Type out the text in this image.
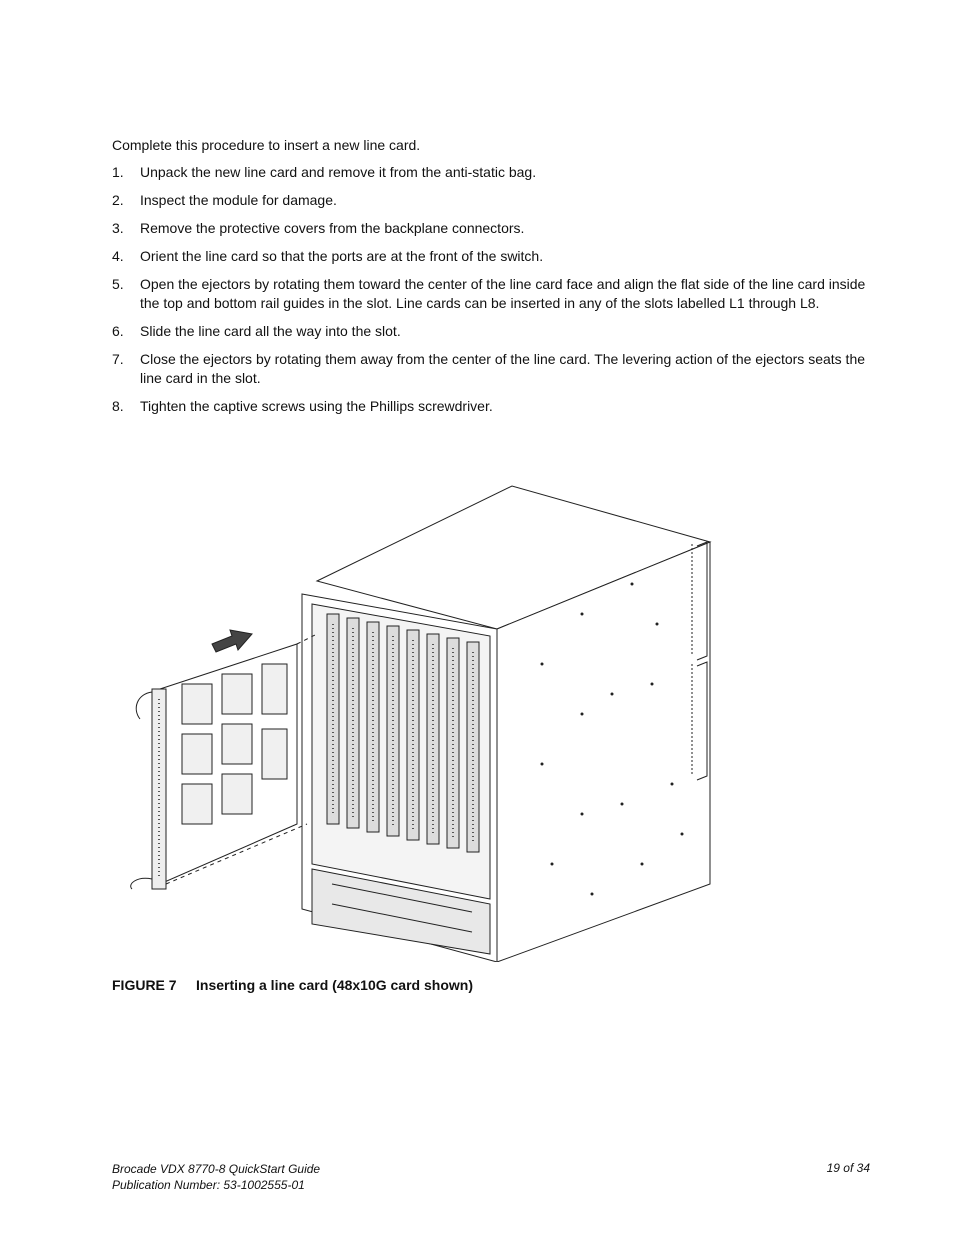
Complete this procedure to insert a new line card.

1.	Unpack the new line card and remove it from the anti-static bag.
2.	Inspect the module for damage.
3.	Remove the protective covers from the backplane connectors.
4.	Orient the line card so that the ports are at the front of the switch.
5.	Open the ejectors by rotating them toward the center of the line card face and align the flat side of the line card inside the top and bottom rail guides in the slot. Line cards can be inserted in any of the slots labelled L1 through L8.
6.	Slide the line card all the way into the slot.
7.	Close the ejectors by rotating them away from the center of the line card. The levering action of the ejectors seats the line card in the slot.
8.	Tighten the captive screws using the Phillips screwdriver.
FIGURE 7	Inserting a line card (48x10G card shown)
Brocade VDX 8770-8 QuickStart Guide
Publication Number: 53-1002555-01
19 of 34
